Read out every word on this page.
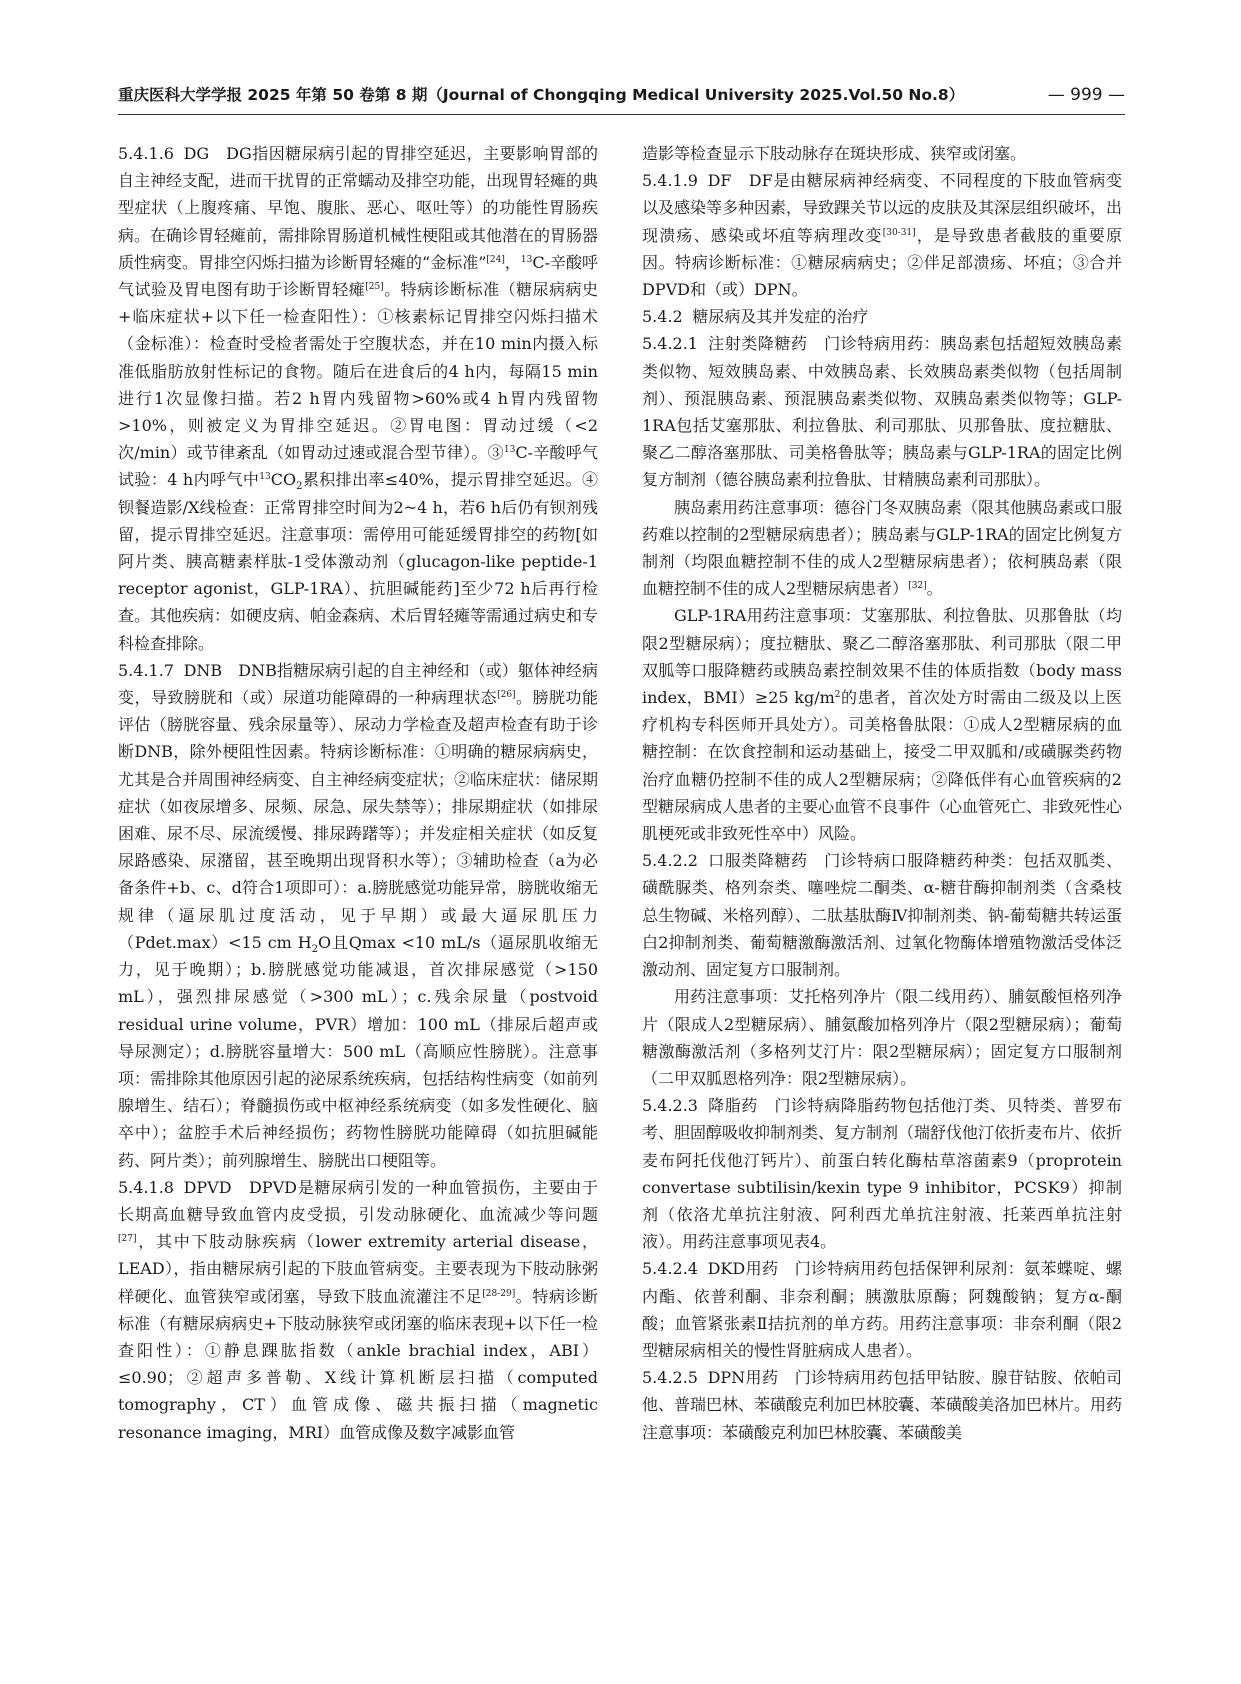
重庆医科大学学报 2025 年第 50 卷第 8 期（Journal of Chongqing Medical University 2025.Vol.50 No.8）	— 999 —

5.4.1.6 DG　DG指因糖尿病引起的胃排空延迟，主要影响胃部的自主神经支配，进而干扰胃的正常蠕动及排空功能，出现胃轻瘫的典型症状（上腹疼痛、早饱、腹胀、恶心、呕吐等）的功能性胃肠疾病。在确诊胃轻瘫前，需排除胃肠道机械性梗阻或其他潜在的胃肠器质性病变。胃排空闪烁扫描为诊断胃轻瘫的“金标准”[24]，$^{13}$C-辛酸呼气试验及胃电图有助于诊断胃轻瘫[25]。特病诊断标准（糖尿病病史+临床症状+以下任一检查阳性）：①核素标记胃排空闪烁扫描术（金标准）：检查时受检者需处于空腹状态，并在10 min内摄入标准低脂肪放射性标记的食物。随后在进食后的4 h内，每隔15 min进行1次显像扫描。若2 h胃内残留物>60%或4 h胃内残留物>10%，则被定义为胃排空延迟。②胃电图：胃动过缓（<2次/min）或节律紊乱（如胃动过速或混合型节律）。③$^{13}$C-辛酸呼气试验：4 h内呼气中$^{13}CO_2$累积排出率≤40%，提示胃排空延迟。④钡餐造影/X线检查：正常胃排空时间为2~4 h，若6 h后仍有钡剂残留，提示胃排空延迟。注意事项：需停用可能延缓胃排空的药物[如阿片类、胰高糖素样肽-1受体激动剂（glucagon-like peptide-1 receptor agonist，GLP-1RA）、抗胆碱能药]至少72 h后再行检查。其他疾病：如硬皮病、帕金森病、术后胃轻瘫等需通过病史和专科检查排除。

5.4.1.7 DNB　DNB指糖尿病引起的自主神经和（或）躯体神经病变，导致膀胱和（或）尿道功能障碍的一种病理状态[26]。膀胱功能评估（膀胱容量、残余尿量等）、尿动力学检查及超声检查有助于诊断DNB，除外梗阻性因素。特病诊断标准：①明确的糖尿病病史，尤其是合并周围神经病变、自主神经病变症状；②临床症状：储尿期症状（如夜尿增多、尿频、尿急、尿失禁等）；排尿期症状（如排尿困难、尿不尽、尿流缓慢、排尿踌躇等）；并发症相关症状（如反复尿路感染、尿潴留，甚至晚期出现肾积水等）；③辅助检查（a为必备条件+b、c、d符合1项即可）：a.膀胱感觉功能异常，膀胱收缩无规律（逼尿肌过度活动，见于早期）或最大逼尿肌压力（Pdet.max）<15 cm $H_2O$且Qmax <10 mL/s（逼尿肌收缩无力，见于晚期）；b.膀胱感觉功能减退，首次排尿感觉（>150 mL），强烈排尿感觉（>300 mL）；c.残余尿量（postvoid residual urine volume，PVR）增加：100 mL（排尿后超声或导尿测定）；d.膀胱容量增大：500 mL（高顺应性膀胱）。注意事项：需排除其他原因引起的泌尿系统疾病，包括结构性病变（如前列腺增生、结石）；脊髓损伤或中枢神经系统病变（如多发性硬化、脑卒中）；盆腔手术后神经损伤；药物性膀胱功能障碍（如抗胆碱能药、阿片类）；前列腺增生、膀胱出口梗阻等。

5.4.1.8 DPVD　DPVD是糖尿病引发的一种血管损伤，主要由于长期高血糖导致血管内皮受损，引发动脉硬化、血流减少等问题[27]，其中下肢动脉疾病（lower extremity arterial disease，LEAD），指由糖尿病引起的下肢血管病变。主要表现为下肢动脉粥样硬化、血管狭窄或闭塞，导致下肢血流灌注不足[28-29]。特病诊断标准（有糖尿病病史+下肢动脉狭窄或闭塞的临床表现+以下任一检查阳性）：①静息踝肱指数（ankle brachial index，ABI）≤0.90；②超声多普勒、X线计算机断层扫描（computed tomography，CT）血管成像、磁共振扫描（magnetic resonance imaging，MRI）血管成像及数字减影血管

造影等检查显示下肢动脉存在斑块形成、狭窄或闭塞。

5.4.1.9 DF　DF是由糖尿病神经病变、不同程度的下肢血管病变以及感染等多种因素，导致踝关节以远的皮肤及其深层组织破坏，出现溃疡、感染或坏疽等病理改变[30-31]，是导致患者截肢的重要原因。特病诊断标准：①糖尿病病史；②伴足部溃疡、坏疽；③合并DPVD和（或）DPN。

5.4.2 糖尿病及其并发症的治疗

5.4.2.1 注射类降糖药　门诊特病用药：胰岛素包括超短效胰岛素类似物、短效胰岛素、中效胰岛素、长效胰岛素类似物（包括周制剂）、预混胰岛素、预混胰岛素类似物、双胰岛素类似物等；GLP-1RA包括艾塞那肽、利拉鲁肽、利司那肽、贝那鲁肽、度拉糖肽、聚乙二醇洛塞那肽、司美格鲁肽等；胰岛素与GLP-1RA的固定比例复方制剂（德谷胰岛素利拉鲁肽、甘精胰岛素利司那肽）。

胰岛素用药注意事项：德谷门冬双胰岛素（限其他胰岛素或口服药难以控制的2型糖尿病患者）；胰岛素与GLP-1RA的固定比例复方制剂（均限血糖控制不佳的成人2型糖尿病患者）；依柯胰岛素（限血糖控制不佳的成人2型糖尿病患者）[32]。

GLP-1RA用药注意事项：艾塞那肽、利拉鲁肽、贝那鲁肽（均限2型糖尿病）；度拉糖肽、聚乙二醇洛塞那肽、利司那肽（限二甲双胍等口服降糖药或胰岛素控制效果不佳的体质指数（body mass index，BMI）≥25 $kg/m^2$的患者，首次处方时需由二级及以上医疗机构专科医师开具处方）。司美格鲁肽限：①成人2型糖尿病的血糖控制：在饮食控制和运动基础上，接受二甲双胍和/或磺脲类药物治疗血糖仍控制不佳的成人2型糖尿病；②降低伴有心血管疾病的2型糖尿病成人患者的主要心血管不良事件（心血管死亡、非致死性心肌梗死或非致死性卒中）风险。

5.4.2.2 口服类降糖药　门诊特病口服降糖药种类：包括双胍类、磺酰脲类、格列奈类、噻唑烷二酮类、α-糖苷酶抑制剂类（含桑枝总生物碱、米格列醇）、二肽基肽酶Ⅳ抑制剂类、钠-葡萄糖共转运蛋白2抑制剂类、葡萄糖激酶激活剂、过氧化物酶体增殖物激活受体泛激动剂、固定复方口服制剂。

用药注意事项：艾托格列净片（限二线用药）、脯氨酸恒格列净片（限成人2型糖尿病）、脯氨酸加格列净片（限2型糖尿病）；葡萄糖激酶激活剂（多格列艾汀片：限2型糖尿病）；固定复方口服制剂（二甲双胍恩格列净：限2型糖尿病）。

5.4.2.3 降脂药　门诊特病降脂药物包括他汀类、贝特类、普罗布考、胆固醇吸收抑制剂类、复方制剂（瑞舒伐他汀依折麦布片、依折麦布阿托伐他汀钙片）、前蛋白转化酶枯草溶菌素9（proprotein convertase subtilisin/kexin type 9 inhibitor，PCSK9）抑制剂（依洛尤单抗注射液、阿利西尤单抗注射液、托莱西单抗注射液）。用药注意事项见表4。

5.4.2.4 DKD用药　门诊特病用药包括保钾利尿剂：氨苯蝶啶、螺内酯、依普利酮、非奈利酮；胰激肽原酶；阿魏酸钠；复方α-酮酸；血管紧张素Ⅱ拮抗剂的单方药。用药注意事项：非奈利酮（限2型糖尿病相关的慢性肾脏病成人患者）。

5.4.2.5 DPN用药　门诊特病用药包括甲钴胺、腺苷钴胺、依帕司他、普瑞巴林、苯磺酸克利加巴林胶囊、苯磺酸美洛加巴林片。用药注意事项：苯磺酸克利加巴林胶囊、苯磺酸美
